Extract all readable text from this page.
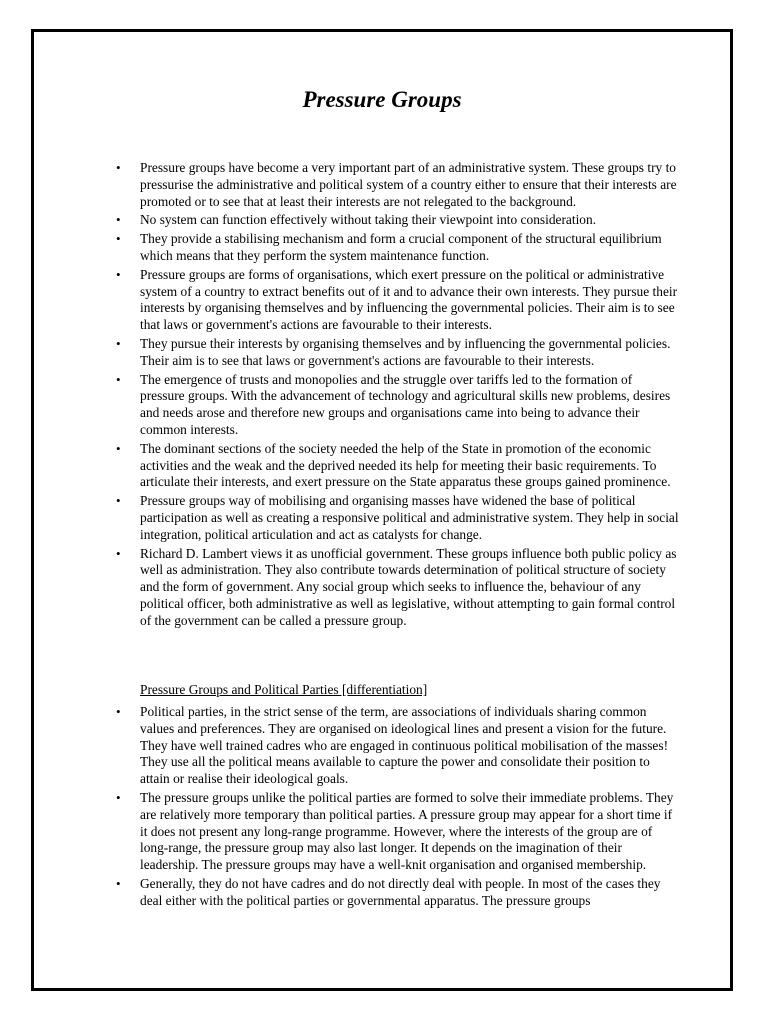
Pressure Groups
• Pressure groups have become a very important part of an administrative system. These groups try to pressurise the administrative and political system of a country either to ensure that their interests are promoted or to see that at least their interests are not relegated to the background.
• No system can function effectively without taking their viewpoint into consideration.
• They provide a stabilising mechanism and form a crucial component of the structural equilibrium which means that they perform the system maintenance function.
• Pressure groups are forms of organisations, which exert pressure on the political or administrative system of a country to extract benefits out of it and to advance their own interests. They pursue their interests by organising themselves and by influencing the governmental policies. Their aim is to see that laws or government's actions are favourable to their interests.
• They pursue their interests by organising themselves and by influencing the governmental policies. Their aim is to see that laws or government's actions are favourable to their interests.
• The emergence of trusts and monopolies and the struggle over tariffs led to the formation of pressure groups. With the advancement of technology and agricultural skills new problems, desires and needs arose and therefore new groups and organisations came into being to advance their common interests.
• The dominant sections of the society needed the help of the State in promotion of the economic activities and the weak and the deprived needed its help for meeting their basic requirements. To articulate their interests, and exert pressure on the State apparatus these groups gained prominence.
• Pressure groups way of mobilising and organising masses have widened the base of political participation as well as creating a responsive political and administrative system. They help in social integration, political articulation and act as catalysts for change.
• Richard D. Lambert views it as unofficial government. These groups influence both public policy as well as administration. They also contribute towards determination of political structure of society and the form of government. Any social group which seeks to influence the, behaviour of any political officer, both administrative as well as legislative, without attempting to gain formal control of the government can be called a pressure group.

Pressure Groups and Political Parties [differentiation]

• Political parties, in the strict sense of the term, are associations of individuals sharing common values and preferences. They are organised on ideological lines and present a vision for the future. They have well trained cadres who are engaged in continuous political mobilisation of the masses! They use all the political means available to capture the power and consolidate their position to attain or realise their ideological goals.
• The pressure groups unlike the political parties are formed to solve their immediate problems. They are relatively more temporary than political parties. A pressure group may appear for a short time if it does not present any long-range programme. However, where the interests of the group are of long-range, the pressure group may also last longer. It depends on the imagination of their leadership. The pressure groups may have a well-knit organisation and organised membership.
• Generally, they do not have cadres and do not directly deal with people. In most of the cases they deal either with the political parties or governmental apparatus. The pressure groups
